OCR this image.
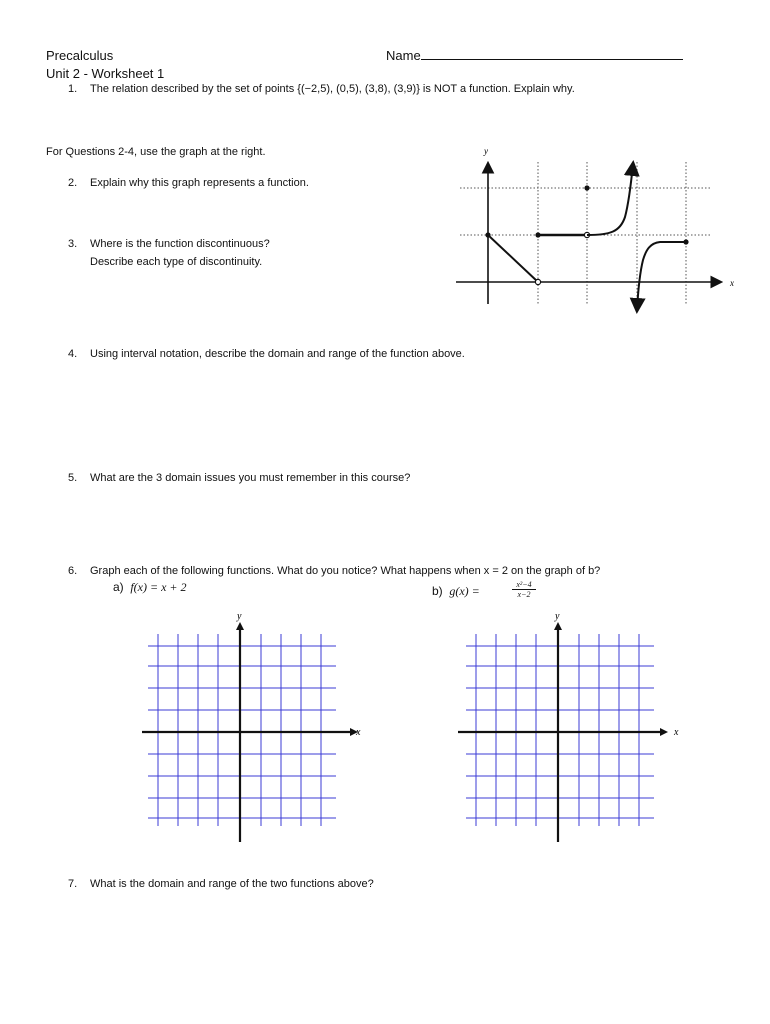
Precalculus
Unit 2 - Worksheet 1
Name
1. The relation described by the set of points {(−2,5), (0,5), (3,8), (3,9)} is NOT a function. Explain why.
For Questions 2-4, use the graph at the right.
2. Explain why this graph represents a function.
3. Where is the function discontinuous?
Describe each type of discontinuity.
x
y
4. Using interval notation, describe the domain and range of the function above.
5. What are the 3 domain issues you must remember in this course?
6. Graph each of the following functions. What do you notice? What happens when x = 2 on the graph of b?
a) f(x) = x + 2	b) g(x) =	$\frac{\text{x²−4}}{x-2}$
x
y
x
y
7. What is the domain and range of the two functions above?
